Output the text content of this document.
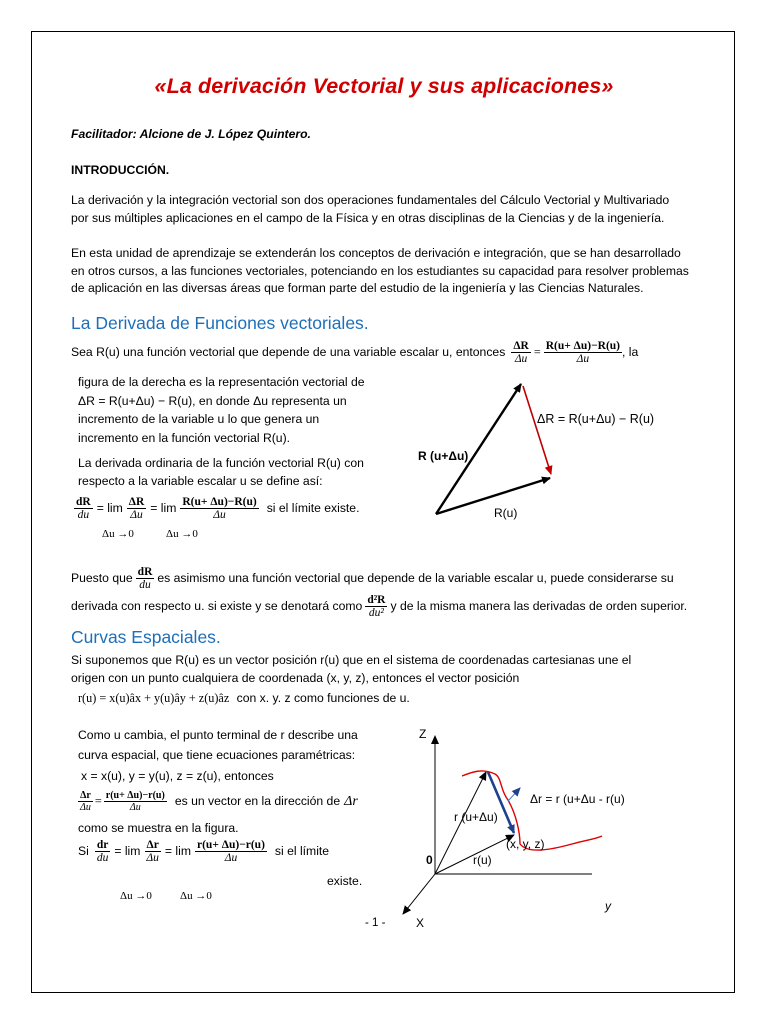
«La derivación Vectorial y sus aplicaciones»
Facilitador: Alcione de J. López Quintero.
INTRODUCCIÓN.
La derivación y la integración vectorial son dos operaciones fundamentales del Cálculo Vectorial y Multivariado
por sus múltiples aplicaciones en el campo de la Física y en otras disciplinas de la Ciencias y de la ingeniería.
En esta unidad de aprendizaje se extenderán los conceptos de derivación e integración, que se han desarrollado
en otros cursos, a las funciones vectoriales, potenciando en los estudiantes su capacidad para resolver problemas
de aplicación en las diversas áreas que forman parte del estudio de la ingeniería y las Ciencias Naturales.
La Derivada de Funciones vectoriales.
Sea R(u) una función vectorial que depende de una variable escalar u, entonces $\frac{\Delta R}{\Delta u} = \frac{R(u+ \Delta u)-R(u)}{\Delta u}$ , la
figura de la derecha es la representación vectorial de
ΔR = R(u+Δu) − R(u), en donde Δu representa un
incremento de la variable u lo que genera un
incremento en la función vectorial R(u).
La derivada ordinaria de la función vectorial R(u) con
respecto a la variable escalar u se define así:
$\frac{dR}{du} = \lim \frac{\Delta R}{\Delta u} = \lim \frac{R(u+ \Delta u)-R(u)}{\Delta u}$ si el límite existe.
Δu →0	Δu →0
ΔR = R(u+Δu) − R(u)
R (u+Δu)
R(u)
Puesto que $\frac{dR}{du}$ es asimismo una función vectorial que depende de la variable escalar u, puede considerarse su
derivada con respecto u. si existe y se denotará como $\frac{\text{d²R}}{\text{du²}}$ y de la misma manera las derivadas de orden superior.
Curvas Espaciales.
Si suponemos que R(u) es un vector posición r(u) que en el sistema de coordenadas cartesianas une el
origen con un punto cualquiera de coordenada (x, y, z), entonces el vector posición
r(u) = x(u)âx + y(u)ây + z(u)âz con x. y. z como funciones de u.
Como u cambia, el punto terminal de r describe una
curva espacial, que tiene ecuaciones paramétricas:
x = x(u), y = y(u), z = z(u), entonces
$\frac{\Delta r}{\Delta u} = \frac{r(u+ \Delta u)-r(u)}{\Delta u}$ es un vector en la dirección de Δr
como se muestra en la figura.
Si $\frac{dr}{du} = \lim \frac{\Delta r}{\Delta u} = \lim \frac{r(u+ \Delta u)-r(u)}{\Delta u}$ si el límite
existe.
Δu →0	Δu →0
Z
y
X
0
r (u+Δu)
r(u)
(x, y, z)
Δr = r (u+Δu - r(u)
- 1 -
